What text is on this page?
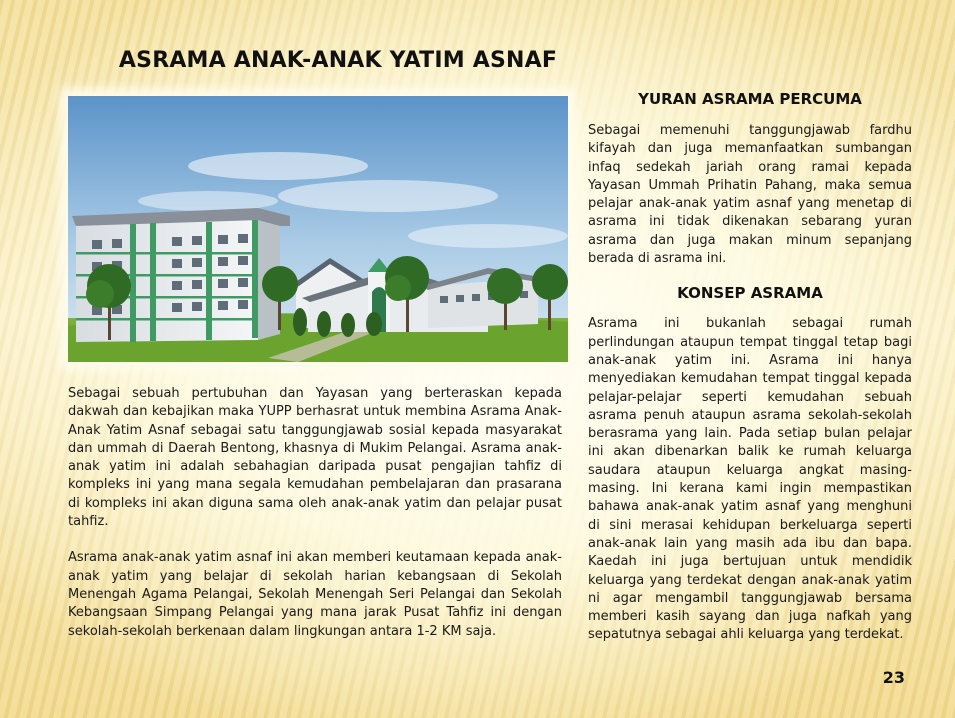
ASRAMA ANAK-ANAK YATIM ASNAF

Sebagai sebuah pertubuhan dan Yayasan yang berteraskan kepada dakwah dan kebajikan maka YUPP berhasrat untuk membina Asrama Anak-Anak Yatim Asnaf sebagai satu tanggungjawab sosial kepada masyarakat dan ummah di Daerah Bentong, khasnya di Mukim Pelangai. Asrama anak-anak yatim ini adalah sebahagian daripada pusat pengajian tahfiz di kompleks ini yang mana segala kemudahan pembelajaran dan prasarana di kompleks ini akan diguna sama oleh anak-anak yatim dan pelajar pusat tahfiz.

Asrama anak-anak yatim asnaf ini akan memberi keutamaan kepada anak-anak yatim yang belajar di sekolah harian kebangsaan di Sekolah Menengah Agama Pelangai, Sekolah Menengah Seri Pelangai dan Sekolah Kebangsaan Simpang Pelangai yang mana jarak Pusat Tahfiz ini dengan sekolah-sekolah berkenaan dalam lingkungan antara 1-2 KM saja.

YURAN ASRAMA PERCUMA

Sebagai memenuhi tanggungjawab fardhu kifayah dan juga memanfaatkan sumbangan infaq sedekah jariah orang ramai kepada Yayasan Ummah Prihatin Pahang, maka semua pelajar anak-anak yatim asnaf yang menetap di asrama ini tidak dikenakan sebarang yuran asrama dan juga makan minum sepanjang berada di asrama ini.

KONSEP ASRAMA

Asrama ini bukanlah sebagai rumah perlindungan ataupun tempat tinggal tetap bagi anak-anak yatim ini. Asrama ini hanya menyediakan kemudahan tempat tinggal kepada pelajar-pelajar seperti kemudahan sebuah asrama penuh ataupun asrama sekolah-sekolah berasrama yang lain. Pada setiap bulan pelajar ini akan dibenarkan balik ke rumah keluarga saudara ataupun keluarga angkat masing-masing. Ini kerana kami ingin mempastikan bahawa anak-anak yatim asnaf yang menghuni di sini merasai kehidupan berkeluarga seperti anak-anak lain yang masih ada ibu dan bapa. Kaedah ini juga bertujuan untuk mendidik keluarga yang terdekat dengan anak-anak yatim ni agar mengambil tanggungjawab bersama memberi kasih sayang dan juga nafkah yang sepatutnya sebagai ahli keluarga yang terdekat.

23
